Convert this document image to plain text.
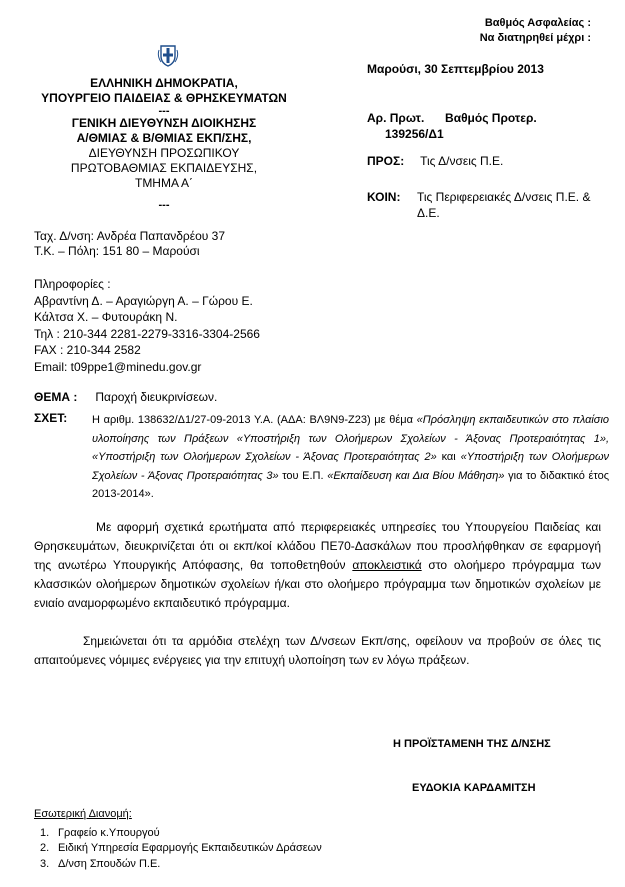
Βαθμός Ασφαλείας :
Να διατηρηθεί μέχρι :
ΕΛΛΗΝΙΚΗ ΔΗΜΟΚΡΑΤΙΑ,
ΥΠΟΥΡΓΕΙΟ ΠΑΙΔΕΙΑΣ & ΘΡΗΣΚΕΥΜΑΤΩΝ
---
ΓΕΝΙΚΗ ΔΙΕΥΘΥΝΣΗ ΔΙΟΙΚΗΣΗΣ
Α/ΘΜΙΑΣ & Β/ΘΜΙΑΣ ΕΚΠ/ΣΗΣ,
ΔΙΕΥΘΥΝΣΗ ΠΡΟΣΩΠΙΚΟΥ
ΠΡΩΤΟΒΑΘΜΙΑΣ ΕΚΠΑΙΔΕΥΣΗΣ,
ΤΜΗΜΑ Α΄
---
Ταχ. Δ/νση: Ανδρέα Παπανδρέου 37
Τ.Κ. – Πόλη: 151 80 – Μαρούσι
Πληροφορίες :
Αβραντίνη Δ. – Αραγιώργη Α. – Γώρου Ε.
Κάλτσα Χ. – Φυτουράκη Ν.
Τηλ : 210-344 2281-2279-3316-3304-2566
FAX : 210-344 2582
Email: t09ppe1@minedu.gov.gr
Μαρούσι, 30 Σεπτεμβρίου 2013
Αρ. Πρωτ. Βαθμός Προτερ.
139256/Δ1
ΠΡΟΣ: Τις Δ/νσεις Π.Ε.
ΚΟΙΝ: Τις Περιφερειακές Δ/νσεις Π.Ε. &
Δ.Ε.
ΘΕΜΑ : Παροχή διευκρινίσεων.
ΣΧΕΤ:	Η αριθμ. 138632/Δ1/27-09-2013 Υ.Α. (ΑΔΑ: ΒΛ9Ν9-Ζ23) με θέμα «Πρόσληψη εκπαιδευτικών στο πλαίσιο υλοποίησης των Πράξεων «Υποστήριξη των Ολοήμερων Σχολείων - Άξονας Προτεραιότητας 1», «Υποστήριξη των Ολοήμερων Σχολείων - Άξονας Προτεραιότητας 2» και «Υποστήριξη των Ολοήμερων Σχολείων - Άξονας Προτεραιότητας 3» του Ε.Π. «Εκπαίδευση και Δια Βίου Μάθηση» για το διδακτικό έτος 2013-2014».
Με αφορμή σχετικά ερωτήματα από περιφερειακές υπηρεσίες του Υπουργείου Παιδείας και Θρησκευμάτων, διευκρινίζεται ότι οι εκπ/κοί κλάδου ΠΕ70-Δασκάλων που προσλήφθηκαν σε εφαρμογή της ανωτέρω Υπουργικής Απόφασης, θα τοποθετηθούν αποκλειστικά στο ολοήμερο πρόγραμμα των κλασσικών ολοήμερων δημοτικών σχολείων ή/και στο ολοήμερο πρόγραμμα των δημοτικών σχολείων με ενιαίο αναμορφωμένο εκπαιδευτικό πρόγραμμα.
Σημειώνεται ότι τα αρμόδια στελέχη των Δ/νσεων Εκπ/σης, οφείλουν να προβούν σε όλες τις απαιτούμενες νόμιμες ενέργειες για την επιτυχή υλοποίηση των εν λόγω πράξεων.
Η ΠΡΟΪΣΤΑΜΕΝΗ ΤΗΣ Δ/ΝΣΗΣ
ΕΥΔΟΚΙΑ ΚΑΡΔΑΜΙΤΣΗ
Εσωτερική Διανομή:
1. Γραφείο κ.Υπουργού
2. Ειδική Υπηρεσία Εφαρμογής Εκπαιδευτικών Δράσεων
3. Δ/νση Σπουδών Π.Ε.
